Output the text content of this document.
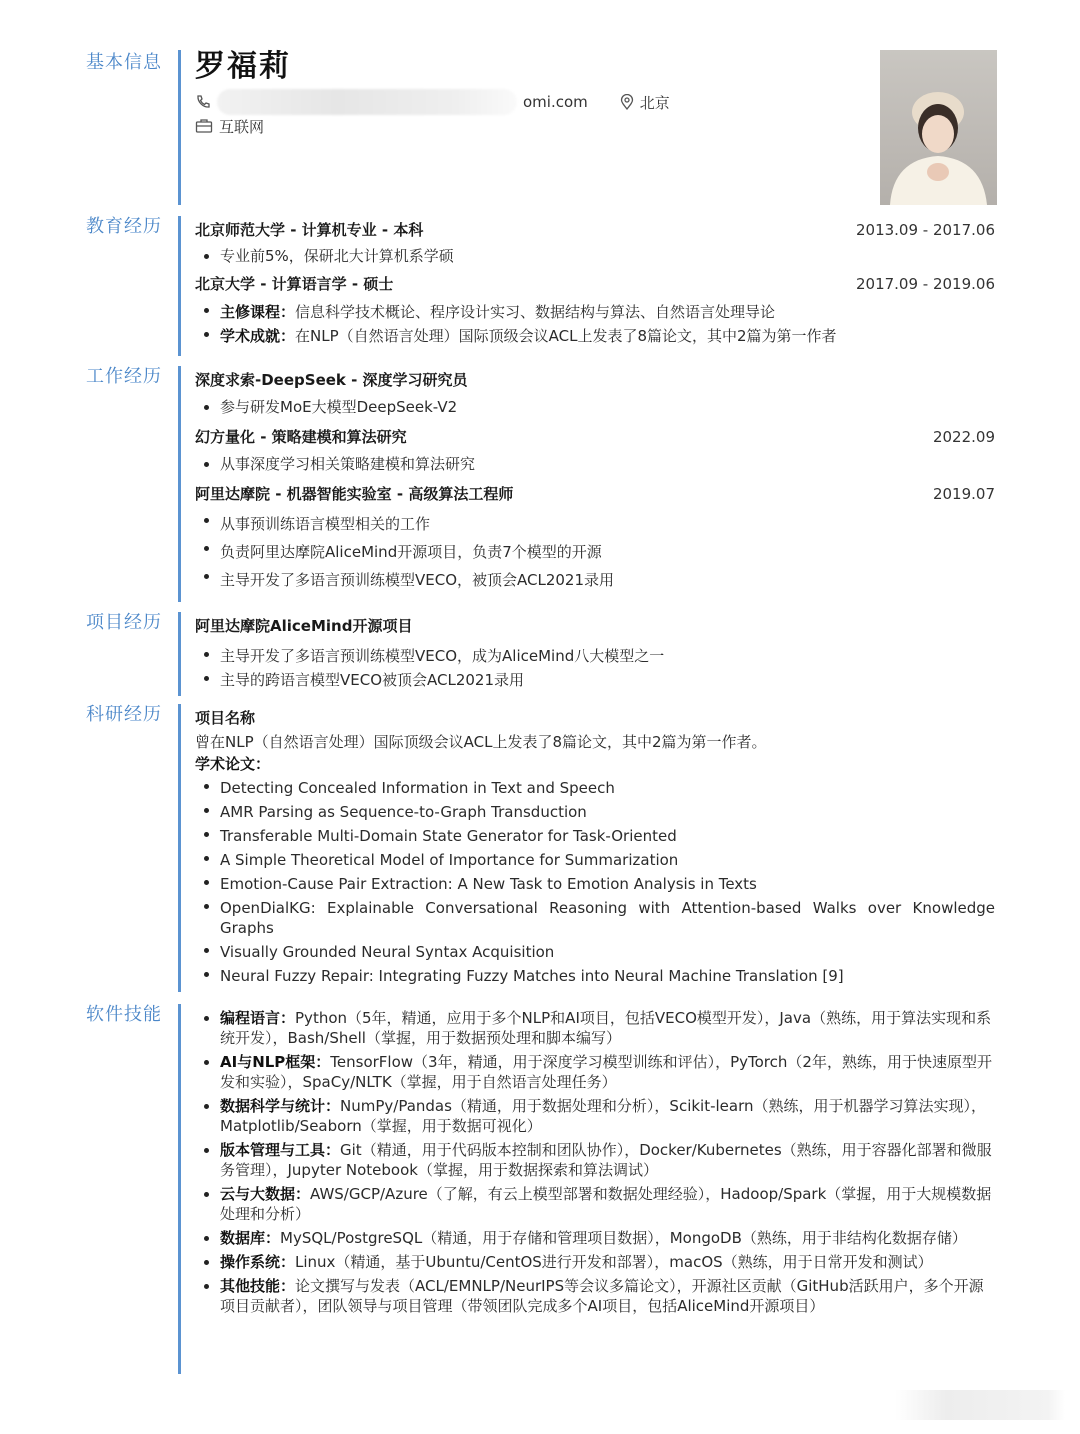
基本信息 罗福莉
omi.com	北京
互联网
教育经历 北京师范大学 - 计算机专业 - 本科	2013.09 - 2017.06
专业前5%，保研北大计算机系学硕
北京大学 - 计算语言学 - 硕士	2017.09 - 2019.06
主修课程：信息科学技术概论、程序设计实习、数据结构与算法、自然语言处理导论
学术成就：在NLP（自然语言处理）国际顶级会议ACL上发表了8篇论文，其中2篇为第一作者
工作经历 深度求索-DeepSeek - 深度学习研究员
参与研发MoE大模型DeepSeek-V2
幻方量化 - 策略建模和算法研究	2022.09
从事深度学习相关策略建模和算法研究
阿里达摩院 - 机器智能实验室 - 高级算法工程师	2019.07
从事预训练语言模型相关的工作
负责阿里达摩院AliceMind开源项目，负责7个模型的开源
主导开发了多语言预训练模型VECO，被顶会ACL2021录用
项目经历 阿里达摩院AliceMind开源项目
主导开发了多语言预训练模型VECO，成为AliceMind八大模型之一
主导的跨语言模型VECO被顶会ACL2021录用
科研经历 项目名称
曾在NLP（自然语言处理）国际顶级会议ACL上发表了8篇论文，其中2篇为第一作者。
学术论文：
Detecting Concealed Information in Text and Speech
AMR Parsing as Sequence-to-Graph Transduction
Transferable Multi-Domain State Generator for Task-Oriented
A Simple Theoretical Model of Importance for Summarization
Emotion-Cause Pair Extraction: A New Task to Emotion Analysis in Texts
OpenDialKG: Explainable Conversational Reasoning with Attention-based Walks over Knowledge Graphs
Visually Grounded Neural Syntax Acquisition
Neural Fuzzy Repair: Integrating Fuzzy Matches into Neural Machine Translation [9]
软件技能	编程语言：Python（5年，精通，应用于多个NLP和AI项目，包括VECO模型开发），Java（熟练，用于算法实现和系统开发），Bash/Shell（掌握，用于数据预处理和脚本编写）
AI与NLP框架：TensorFlow（3年，精通，用于深度学习模型训练和评估），PyTorch（2年，熟练，用于快速原型开发和实验），SpaCy/NLTK（掌握，用于自然语言处理任务）
数据科学与统计：NumPy/Pandas（精通，用于数据处理和分析），Scikit-learn（熟练，用于机器学习算法实现），Matplotlib/Seaborn（掌握，用于数据可视化）
版本管理与工具：Git（精通，用于代码版本控制和团队协作），Docker/Kubernetes（熟练，用于容器化部署和微服务管理），Jupyter Notebook（掌握，用于数据探索和算法调试）
云与大数据：AWS/GCP/Azure（了解，有云上模型部署和数据处理经验），Hadoop/Spark（掌握，用于大规模数据处理和分析）
数据库：MySQL/PostgreSQL（精通，用于存储和管理项目数据），MongoDB（熟练，用于非结构化数据存储）
操作系统：Linux（精通，基于Ubuntu/CentOS进行开发和部署），macOS（熟练，用于日常开发和测试）
其他技能：论文撰写与发表（ACL/EMNLP/NeurIPS等会议多篇论文），开源社区贡献（GitHub活跃用户，多个开源项目贡献者），团队领导与项目管理（带领团队完成多个AI项目，包括AliceMind开源项目）
